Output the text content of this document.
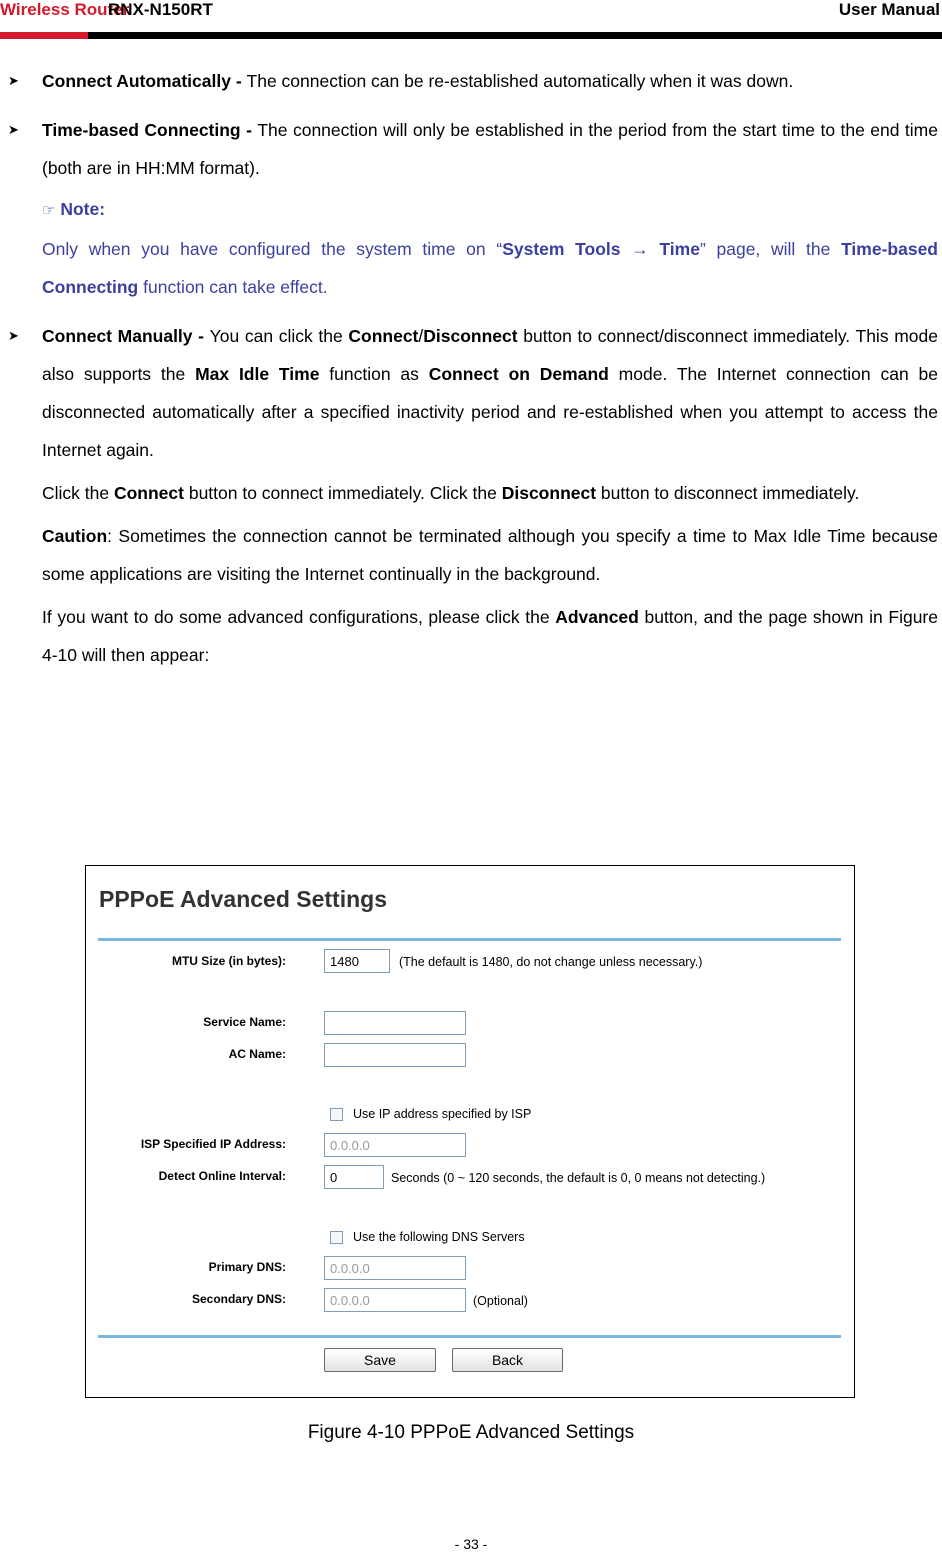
Wireless Router
RNX-N150RT	User Manual
➤ Connect Automatically - The connection can be re-established automatically when it was down.
➤ Time-based Connecting - The connection will only be established in the period from the start time to the end time (both are in HH:MM format).
☞ Note:
Only when you have configured the system time on “System Tools → Time” page, will the Time-based Connecting function can take effect.
➤ Connect Manually - You can click the Connect/Disconnect button to connect/disconnect immediately. This mode also supports the Max Idle Time function as Connect on Demand mode. The Internet connection can be disconnected automatically after a specified inactivity period and re-established when you attempt to access the Internet again.
Click the Connect button to connect immediately. Click the Disconnect button to disconnect immediately.
Caution: Sometimes the connection cannot be terminated although you specify a time to Max Idle Time because some applications are visiting the Internet continually in the background.
If you want to do some advanced configurations, please click the Advanced button, and the page shown in Figure 4-10 will then appear:
PPPoE Advanced Settings
MTU Size (in bytes):
1480	(The default is 1480, do not change unless necessary.)
Service Name:
AC Name:
Use IP address specified by ISP
ISP Specified IP Address:
0.0.0.0
Detect Online Interval:
0	Seconds (0 ~ 120 seconds, the default is 0, 0 means not detecting.)
Use the following DNS Servers
Primary DNS:
0.0.0.0
Secondary DNS:
0.0.0.0	(Optional)
Save	Back
Figure 4-10 PPPoE Advanced Settings
- 33 -
